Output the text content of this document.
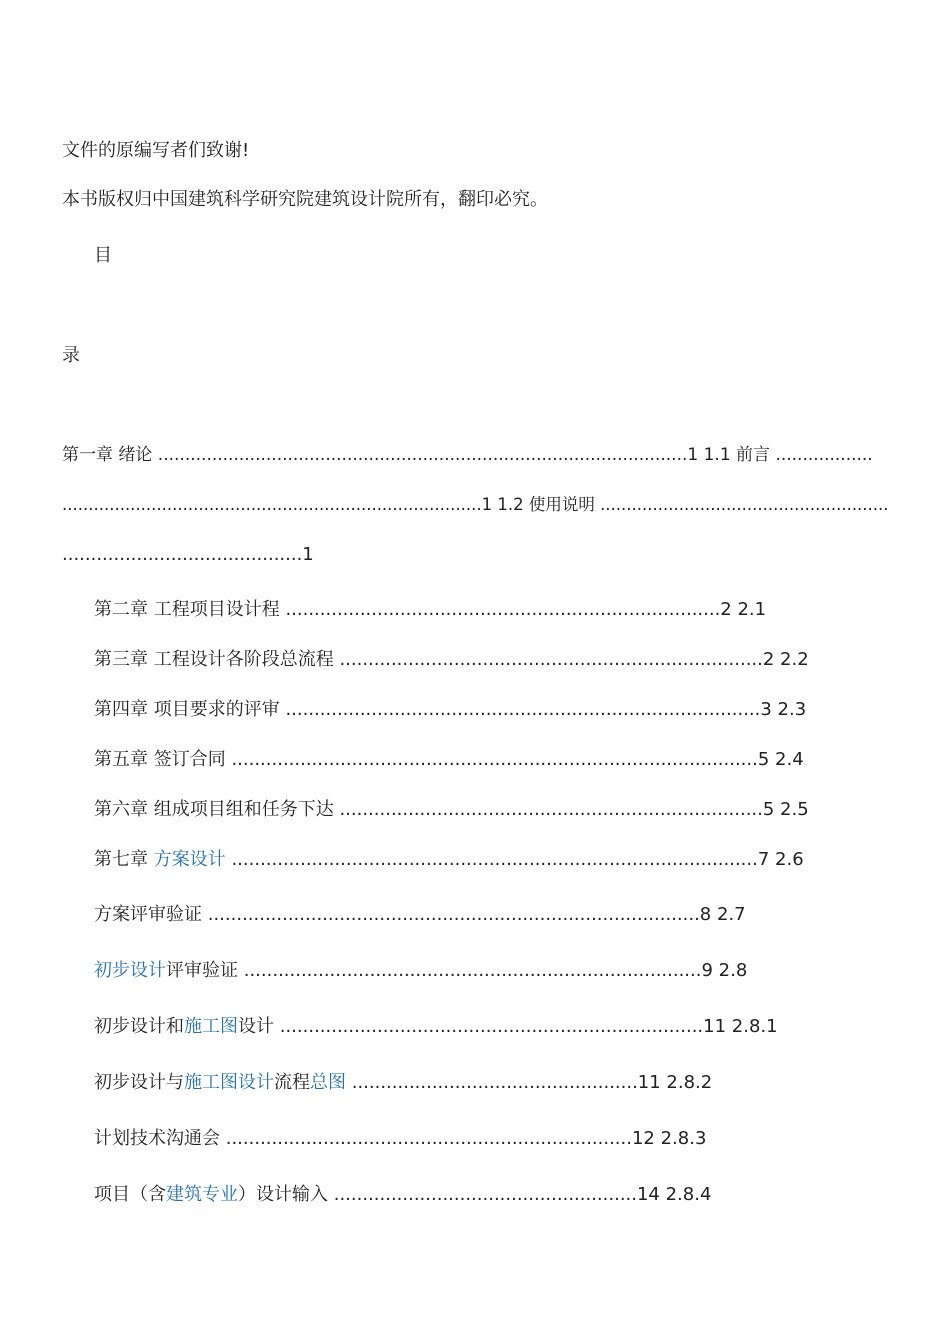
文件的原编写者们致谢!
本书版权归中国建筑科学研究院建筑设计院所有，翻印必究。
目
录
第一章 绪论 ..................................................................................................1 1.1 前言 ..................
................................................................................1 1.2 使用说明 .......................................................
..........................................1
第二章 工程项目设计程 ............................................................................2 2.1
第三章 工程设计各阶段总流程 ..........................................................................2 2.2
第四章 项目要求的评审 ...................................................................................3 2.3
第五章 签订合同 ............................................................................................5 2.4
第六章 组成项目组和任务下达 ..........................................................................5 2.5
第七章 方案设计 ............................................................................................7 2.6
方案评审验证 ......................................................................................8 2.7
初步设计评审验证 ................................................................................9 2.8
初步设计和施工图设计 ..........................................................................11 2.8.1
初步设计与施工图设计流程总图 ..................................................11 2.8.2
计划技术沟通会 .......................................................................12 2.8.3
项目（含建筑专业）设计输入 .....................................................14 2.8.4
